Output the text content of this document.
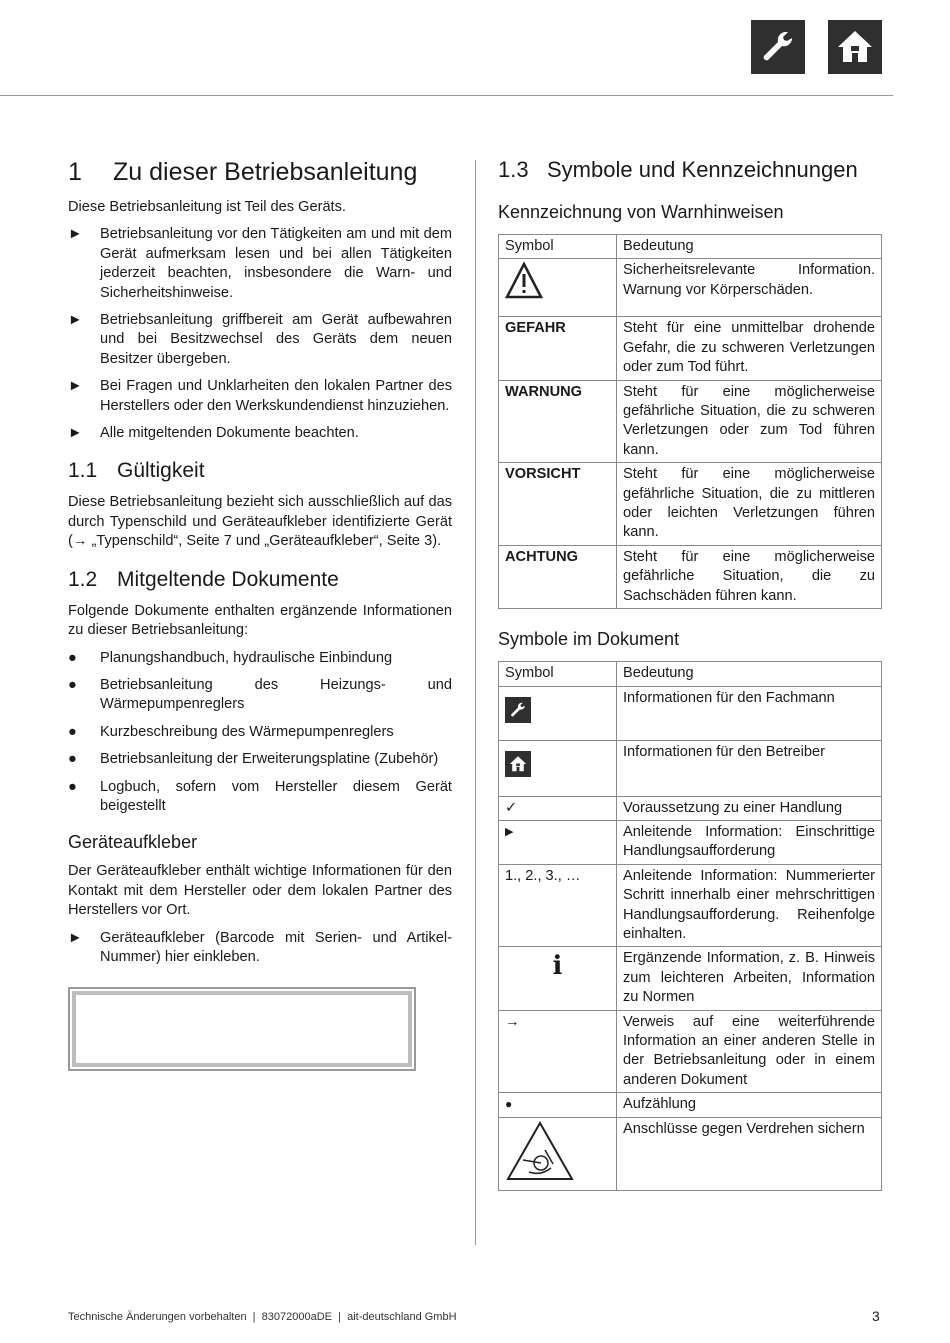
1 Zu dieser Betriebsanleitung

Diese Betriebsanleitung ist Teil des Geräts.

► Betriebsanleitung vor den Tätigkeiten am und mit dem Gerät aufmerksam lesen und bei allen Tätigkeiten jederzeit beachten, insbesondere die Warn- und Sicherheitshinweise.
► Betriebsanleitung griffbereit am Gerät aufbewahren und bei Besitzwechsel des Geräts dem neuen Besitzer übergeben.
► Bei Fragen und Unklarheiten den lokalen Partner des Herstellers oder den Werkskundendienst hinzuziehen.
► Alle mitgeltenden Dokumente beachten.
1.1 Gültigkeit

Diese Betriebsanleitung bezieht sich ausschließlich auf das durch Typenschild und Geräteaufkleber identifizierte Gerät (→ „Typenschild“, Seite 7 und „Geräteaufkleber“, Seite 3).

1.2 Mitgeltende Dokumente

Folgende Dokumente enthalten ergänzende Informationen zu dieser Betriebsanleitung:

● Planungshandbuch, hydraulische Einbindung
● Betriebsanleitung des Heizungs- und Wärmepumpenreglers
● Kurzbeschreibung des Wärmepumpenreglers
● Betriebsanleitung der Erweiterungsplatine (Zubehör)
● Logbuch, sofern vom Hersteller diesem Gerät beigestellt
Geräteaufkleber

Der Geräteaufkleber enthält wichtige Informationen für den Kontakt mit dem Hersteller oder dem lokalen Partner des Herstellers vor Ort.

► Geräteaufkleber (Barcode mit Serien- und Artikel-Nummer) hier einkleben.
1.3 Symbole und Kennzeichnungen
Kennzeichnung von Warnhinweisen
Symbol	Bedeutung
	Sicherheitsrelevante Information. Warnung vor Körperschäden.
GEFAHR	Steht für eine unmittelbar drohende Gefahr, die zu schweren Verletzungen oder zum Tod führt.
WARNUNG	Steht für eine möglicherweise gefährliche Situation, die zu schweren Verletzungen oder zum Tod führen kann.
VORSICHT	Steht für eine möglicherweise gefährliche Situation, die zu mittleren oder leichten Verletzungen führen kann.
ACHTUNG	Steht für eine möglicherweise gefährliche Situation, die zu Sachschäden führen kann.
Symbole im Dokument
Symbol	Bedeutung

	Informationen für den Fachmann

	Informationen für den Betreiber
✓	Voraussetzung zu einer Handlung
▶	Anleitende Information: Einschrittige Handlungsaufforderung
1., 2., 3., …	Anleitende Information: Nummerierter Schritt innerhalb einer mehrschrittigen Handlungsaufforderung. Reihenfolge einhalten.

ℹ	Ergänzende Information, z. B. Hinweis zum leichteren Arbeiten, Information zu Normen
→	Verweis auf eine weiterführende Information an einer anderen Stelle in der Betriebsanleitung oder in einem anderen Dokument
●	Aufzählung
	Anschlüsse gegen Verdrehen sichern
Technische Änderungen vorbehalten  |  83072000aDE  |  ait-deutschland GmbH	3
